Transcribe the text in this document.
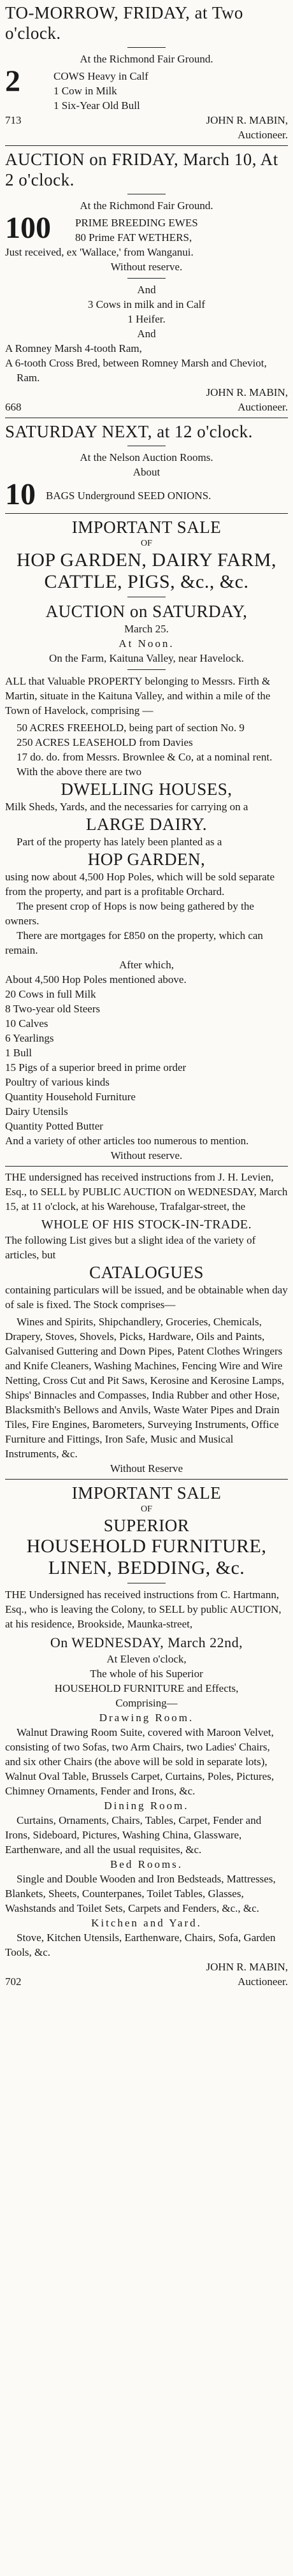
TO-MORROW, FRIDAY, at Two o'clock.

At the Richmond Fair Ground.

2	COWS Heavy in Calf

1 Cow in Milk

1 Six-Year Old Bull

713	JOHN R. MABIN,

Auctioneer.

AUCTION on FRIDAY, March 10, At 2 o'clock.

At the Richmond Fair Ground.

100	PRIME BREEDING EWES

80 Prime FAT WETHERS,

Just received, ex 'Wallace,' from Wanganui.

Without reserve.

And

3 Cows in milk and in Calf

1 Heifer.

And

A Romney Marsh 4-tooth Ram,

A 6-tooth Cross Bred, between Romney Marsh and Cheviot, Ram.

JOHN R. MABIN,

668	Auctioneer.

SATURDAY NEXT, at 12 o'clock.

At the Nelson Auction Rooms.

About

10 BAGS Underground SEED ONIONS.

IMPORTANT SALE

OF

HOP GARDEN, DAIRY FARM,

CATTLE, PIGS, &c., &c.

AUCTION on SATURDAY,

March 25.

At Noon.

On the Farm, Kaituna Valley, near Havelock.

ALL that Valuable PROPERTY belonging to Messrs. Firth & Martin, situate in the Kaituna Valley, and within a mile of the Town of Havelock, comprising —

50 ACRES FREEHOLD, being part of section No. 9

250 ACRES LEASEHOLD from Davies

17 do. do. from Messrs. Brownlee & Co, at a nominal rent.

With the above there are two

DWELLING HOUSES,

Milk Sheds, Yards, and the necessaries for carrying on a

LARGE DAIRY.

Part of the property has lately been planted as a

HOP GARDEN,

using now about 4,500 Hop Poles, which will be sold separate from the property, and part is a profitable Orchard.

The present crop of Hops is now being gathered by the owners.

There are mortgages for £850 on the property, which can remain.

After which,

About 4,500 Hop Poles mentioned above.

20 Cows in full Milk

8 Two-year old Steers

10 Calves

6 Yearlings

1 Bull

15 Pigs of a superior breed in prime order

Poultry of various kinds

Quantity Household Furniture

Dairy Utensils

Quantity Potted Butter

And a variety of other articles too numerous to mention.

Without reserve.

THE undersigned has received instructions from J. H. Levien, Esq., to SELL by PUBLIC AUCTION on WEDNESDAY, March 15, at 11 o'clock, at his Warehouse, Trafalgar-street, the

WHOLE OF HIS STOCK-IN-TRADE.

The following List gives but a slight idea of the variety of articles, but

CATALOGUES

containing particulars will be issued, and be obtainable when day of sale is fixed. The Stock comprises—

Wines and Spirits, Shipchandlery, Groceries, Chemicals, Drapery, Stoves, Shovels, Picks, Hardware, Oils and Paints, Galvanised Guttering and Down Pipes, Patent Clothes Wringers and Knife Cleaners, Washing Machines, Fencing Wire and Wire Netting, Cross Cut and Pit Saws, Kerosine and Kerosine Lamps, Ships' Binnacles and Compasses, India Rubber and other Hose, Blacksmith's Bellows and Anvils, Waste Water Pipes and Drain Tiles, Fire Engines, Barometers, Surveying Instruments, Office Furniture and Fittings, Iron Safe, Music and Musical Instruments, &c.

Without Reserve

IMPORTANT SALE

OF

SUPERIOR

HOUSEHOLD FURNITURE,

LINEN, BEDDING, &c.

THE Undersigned has received instructions from C. Hartmann, Esq., who is leaving the Colony, to SELL by public AUCTION, at his residence, Brookside, Maunka-street,

On WEDNESDAY, March 22nd,

At Eleven o'clock,

The whole of his Superior

HOUSEHOLD FURNITURE and Effects,

Comprising—

Drawing Room.

Walnut Drawing Room Suite, covered with Maroon Velvet, consisting of two Sofas, two Arm Chairs, two Ladies' Chairs, and six other Chairs (the above will be sold in separate lots), Walnut Oval Table, Brussels Carpet, Curtains, Poles, Pictures, Chimney Ornaments, Fender and Irons, &c.

Dining Room.

Curtains, Ornaments, Chairs, Tables, Carpet, Fender and Irons, Sideboard, Pictures, Washing China, Glassware, Earthenware, and all the usual requisites, &c.

Bed Rooms.

Single and Double Wooden and Iron Bedsteads, Mattresses, Blankets, Sheets, Counterpanes, Toilet Tables, Glasses, Washstands and Toilet Sets, Carpets and Fenders, &c., &c.

Kitchen and Yard.

Stove, Kitchen Utensils, Earthenware, Chairs, Sofa, Garden Tools, &c.

JOHN R. MABIN,

702	Auctioneer.
